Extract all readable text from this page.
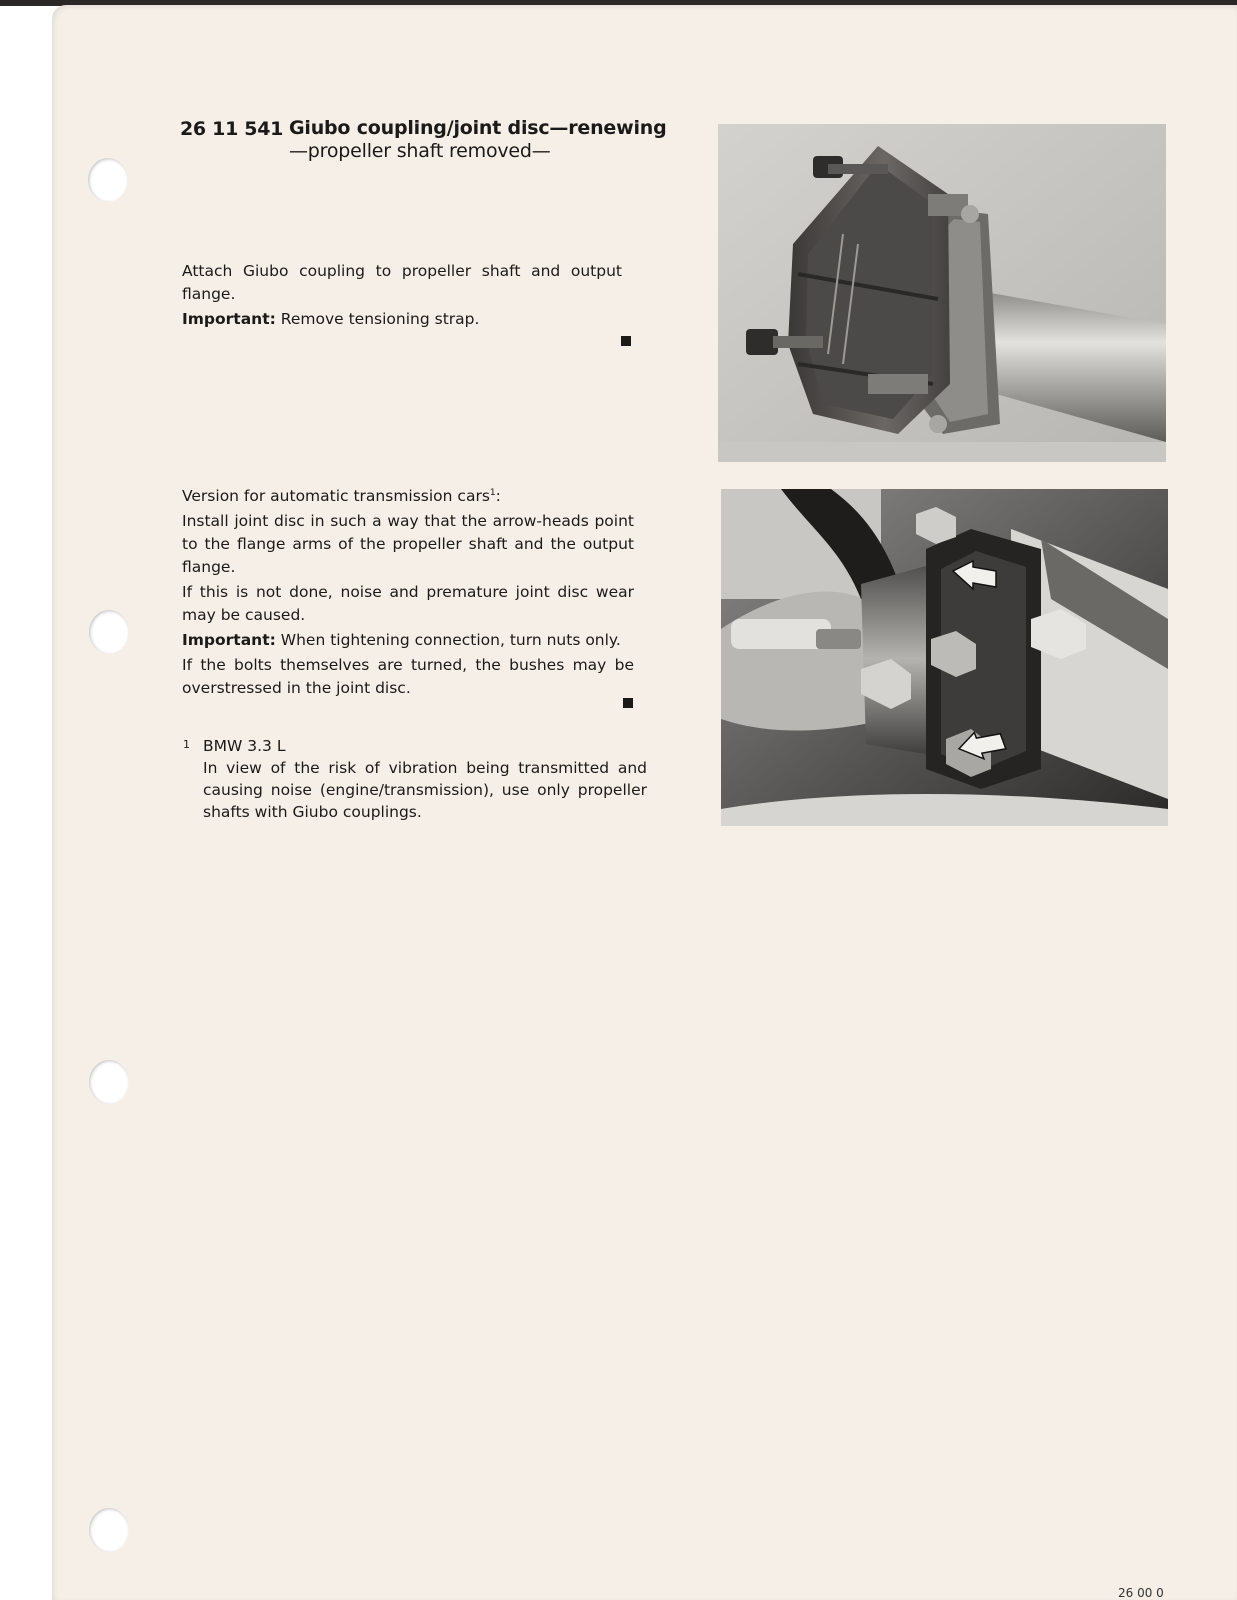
26 11 541 Giubo coupling/joint disc—renewing
—propeller shaft removed—
Attach Giubo coupling to propeller shaft and output flange.
Important: Remove tensioning strap.
Version for automatic transmission cars$^1$:
Install joint disc in such a way that the arrow-heads point to the flange arms of the propeller shaft and the output flange.
If this is not done, noise and premature joint disc wear may be caused.
Important: When tightening connection, turn nuts only.
If the bolts themselves are turned, the bushes may be overstressed in the joint disc.
1 BMW 3.3 L
In view of the risk of vibration being transmitted and causing noise (engine/transmission), use only propeller shafts with Giubo couplings.
26 00 0
